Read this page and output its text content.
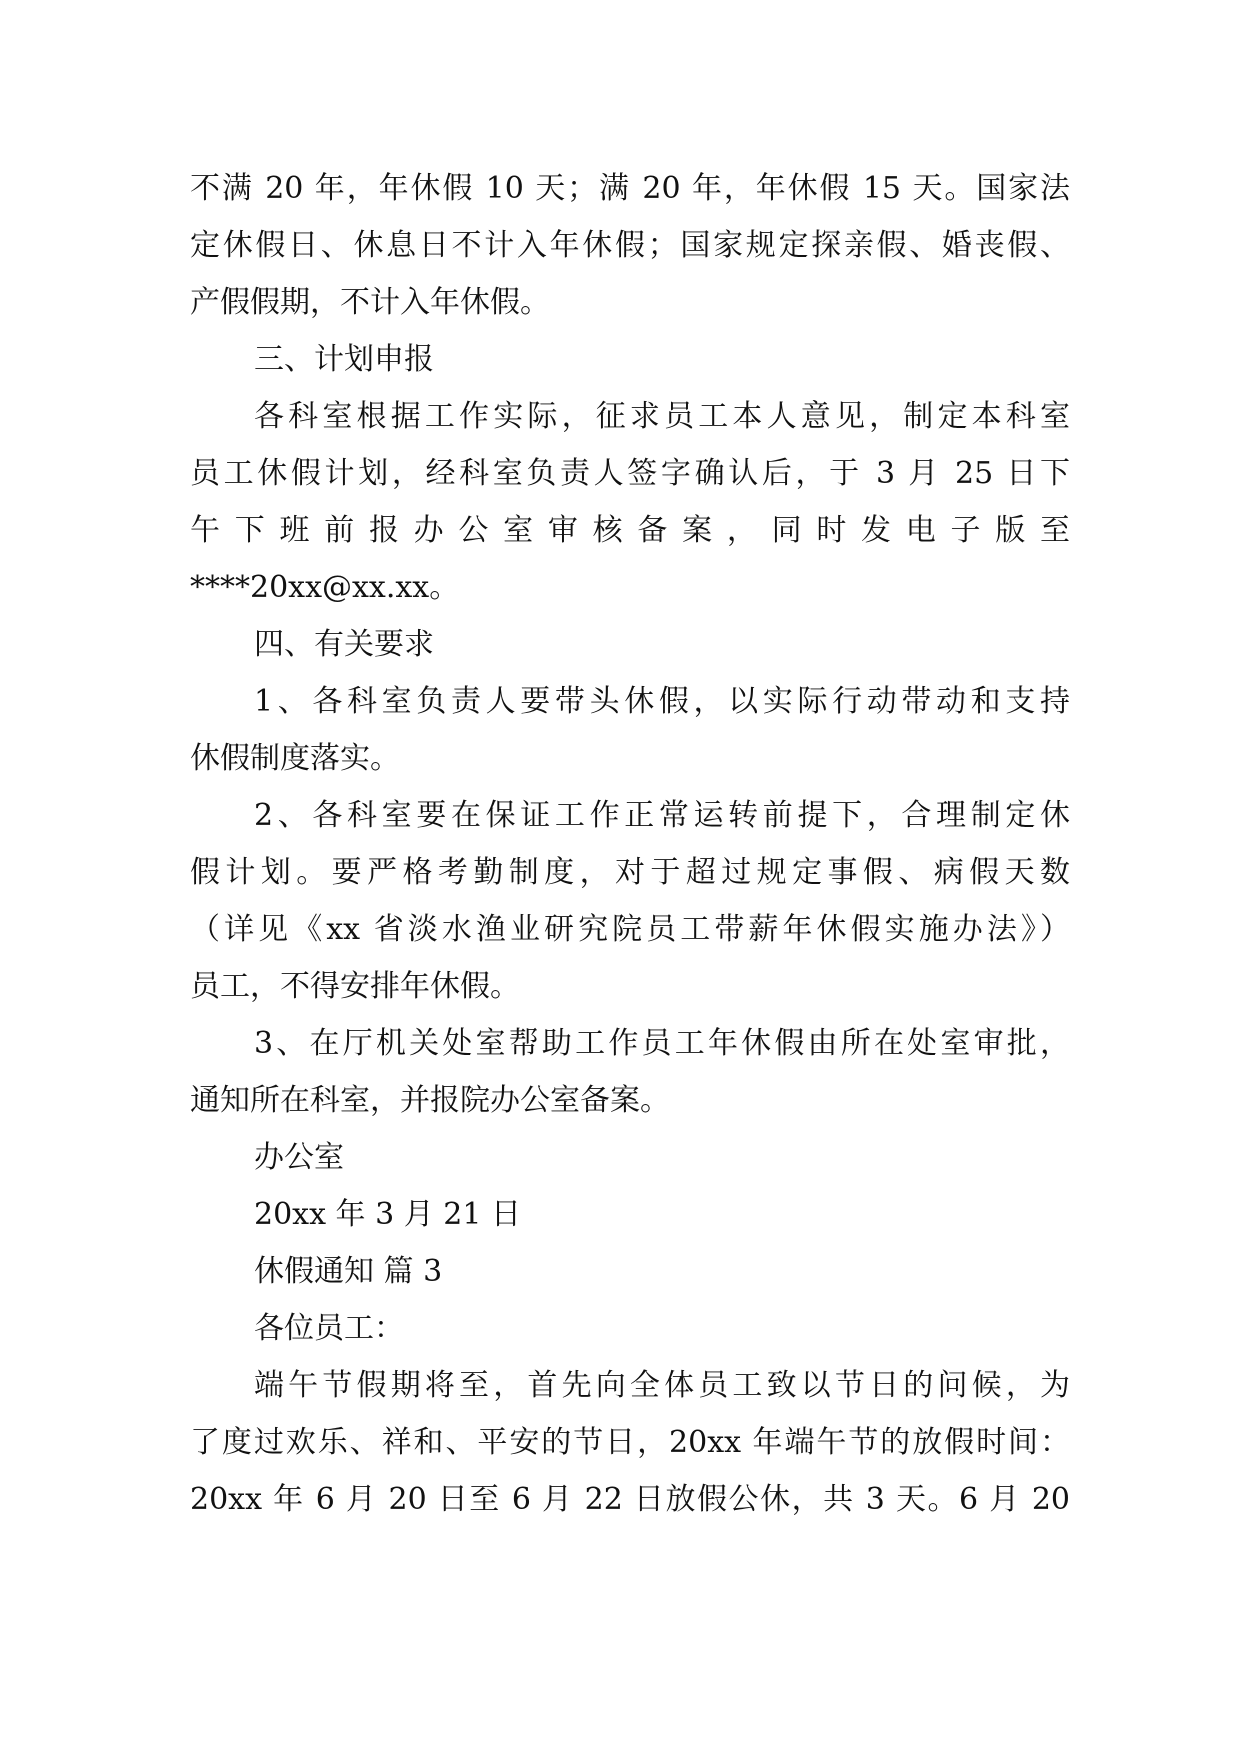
不满 20 年，年休假 10 天；满 20 年，年休假 15 天。国家法
定休假日、休息日不计入年休假；国家规定探亲假、婚丧假、
产假假期，不计入年休假。
三、计划申报
各科室根据工作实际，征求员工本人意见，制定本科室
员工休假计划，经科室负责人签字确认后，于 3 月 25 日下
午 下 班 前 报 办 公 室 审 核 备 案 ， 同 时 发 电 子 版 至
****20xx@xx.xx。
四、有关要求
1、各科室负责人要带头休假，以实际行动带动和支持
休假制度落实。
2、各科室要在保证工作正常运转前提下，合理制定休
假计划。要严格考勤制度，对于超过规定事假、病假天数
（详见《xx 省淡水渔业研究院员工带薪年休假实施办法》）
员工，不得安排年休假。
3、在厅机关处室帮助工作员工年休假由所在处室审批，
通知所在科室，并报院办公室备案。
办公室
20xx 年 3 月 21 日
休假通知 篇 3
各位员工：
端午节假期将至，首先向全体员工致以节日的问候，为
了度过欢乐、祥和、平安的节日，20xx 年端午节的放假时间：
20xx 年 6 月 20 日至 6 月 22 日放假公休，共 3 天。6 月 20
